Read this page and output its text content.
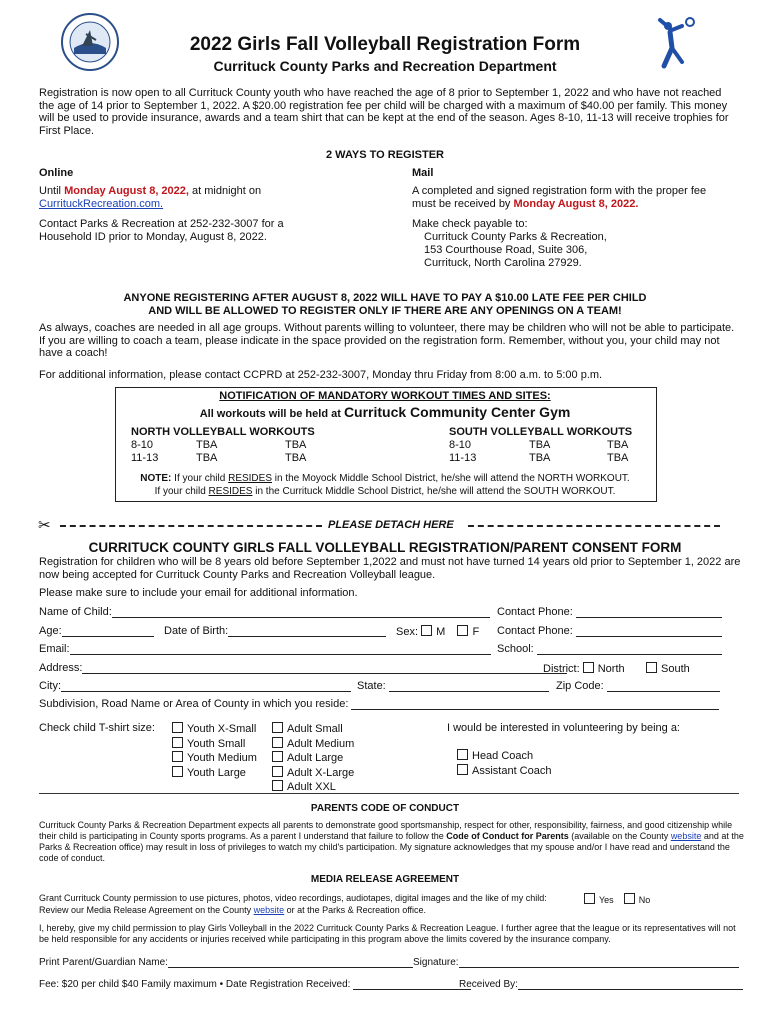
2022 Girls Fall Volleyball Registration Form
Currituck County Parks and Recreation Department
Registration is now open to all Currituck County youth who have reached the age of 8 prior to September 1, 2022 and who have not reached the age of 14 prior to September 1, 2022. A $20.00 registration fee per child will be charged with a maximum of $40.00 per family. This money will be used to provide insurance, awards and a team shirt that can be kept at the end of the season. Ages 8-10, 11-13 will receive trophies for First Place.
2 WAYS TO REGISTER
Online
Until Monday August 8, 2022, at midnight on
CurrituckRecreation.com.
Contact Parks & Recreation at 252-232-3007 for a Household ID prior to Monday, August 8, 2022.
Mail
A completed and signed registration form with the proper fee must be received by Monday August 8, 2022.
Make check payable to:
Currituck County Parks & Recreation,
153 Courthouse Road, Suite 306,
Currituck, North Carolina 27929.
ANYONE REGISTERING AFTER AUGUST 8, 2022 WILL HAVE TO PAY A $10.00 LATE FEE PER CHILD
AND WILL BE ALLOWED TO REGISTER ONLY IF THERE ARE ANY OPENINGS ON A TEAM!
As always, coaches are needed in all age groups. Without parents willing to volunteer, there may be children who will not be able to participate. If you are willing to coach a team, please indicate in the space provided on the registration form. Remember, without you, your child may not have a coach!
For additional information, please contact CCPRD at 252-232-3007, Monday thru Friday from 8:00 a.m. to 5:00 p.m.
NOTIFICATION OF MANDATORY WORKOUT TIMES AND SITES:
All workouts will be held at Currituck Community Center Gym
NORTH VOLLEYBALL WORKOUTS
8-10	TBA	TBA
11-13	TBA	TBA
SOUTH VOLLEYBALL WORKOUTS
8-10	TBA	TBA
11-13	TBA	TBA
NOTE: If your child RESIDES in the Moyock Middle School District, he/she will attend the NORTH WORKOUT.
If your child RESIDES in the Currituck Middle School District, he/she will attend the SOUTH WORKOUT.
✂	PLEASE DETACH HERE
CURRITUCK COUNTY GIRLS FALL VOLLEYBALL REGISTRATION/PARENT CONSENT FORM
Registration for children who will be 8 years old before September 1,2022 and must not have turned 14 years old prior to September 1, 2022 are now being accepted for Currituck County Parks and Recreation Volleyball league.
Please make sure to include your email for additional information.
Name of Child:	Contact Phone:
Age:	Date of Birth:	Sex: M F Contact Phone:
Email:	School:
Address:	District: North	South
City:	State:	Zip Code:
Subdivision, Road Name or Area of County in which you reside:
Check child T-shirt size:	Youth X-Small
Youth Small
Youth Medium
Youth Large
Adult Small
Adult Medium
Adult Large
Adult X-Large
Adult XXL
I would be interested in volunteering by being a:
Head Coach
Assistant Coach
PARENTS CODE OF CONDUCT
Currituck County Parks & Recreation Department expects all parents to demonstrate good sportsmanship, respect for other, responsibility, fairness, and good citizenship while their child is participating in County sports programs. As a parent I understand that failure to follow the Code of Conduct for Parents (available on the County website and at the Parks & Recreation office) may result in loss of privileges to watch my child's participation. My signature acknowledges that my spouse and/or I have read and understand the code of conduct.
MEDIA RELEASE AGREEMENT
Grant Currituck County permission to use pictures, photos, video recordings, audiotapes, digital images and the like of my child:	Yes	No
Review our Media Release Agreement on the County website or at the Parks & Recreation office.
I, hereby, give my child permission to play Girls Volleyball in the 2022 Currituck County Parks & Recreation League. I further agree that the league or its representatives will not be held responsible for any accidents or injuries received while participating in this program above the limits covered by the insurance company.
Print Parent/Guardian Name:	Signature:
Fee: $20 per child $40 Family maximum • Date Registration Received:	Received By:
